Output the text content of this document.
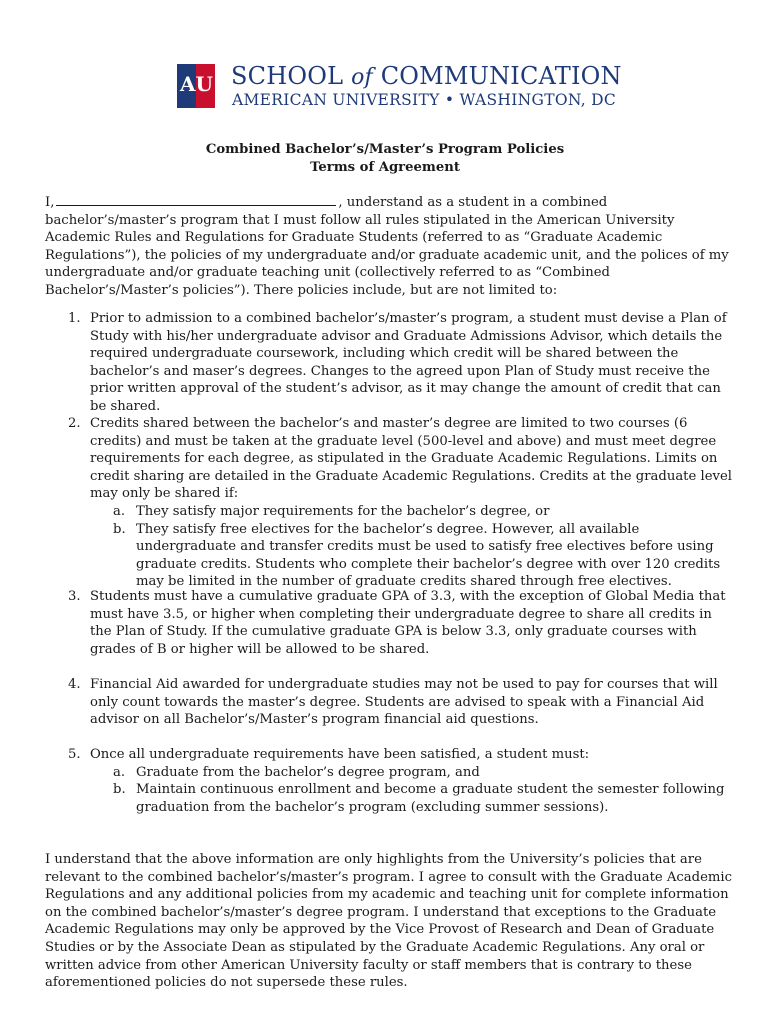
AU SCHOOL of COMMUNICATION
AMERICAN UNIVERSITY • WASHINGTON, DC
Combined Bachelor’s/Master’s Program Policies
Terms of Agreement
I,	, understand as a student in a combined bachelor’s/master’s program that I must follow all rules stipulated in the American University Academic Rules and Regulations for Graduate Students (referred to as “Graduate Academic Regulations”), the policies of my undergraduate and/or graduate academic unit, and the polices of my undergraduate and/or graduate teaching unit (collectively referred to as “Combined Bachelor’s/Master’s policies”). There policies include, but are not limited to:
1. Prior to admission to a combined bachelor’s/master’s program, a student must devise a Plan of Study with his/her undergraduate advisor and Graduate Admissions Advisor, which details the required undergraduate coursework, including which credit will be shared between the bachelor’s and maser’s degrees. Changes to the agreed upon Plan of Study must receive the prior written approval of the student’s advisor, as it may change the amount of credit that can be shared.
2. Credits shared between the bachelor’s and master’s degree are limited to two courses (6 credits) and must be taken at the graduate level (500-level and above) and must meet degree requirements for each degree, as stipulated in the Graduate Academic Regulations. Limits on credit sharing are detailed in the Graduate Academic Regulations. Credits at the graduate level may only be shared if:
a. They satisfy major requirements for the bachelor’s degree, or
b. They satisfy free electives for the bachelor’s degree. However, all available undergraduate and transfer credits must be used to satisfy free electives before using graduate credits. Students who complete their bachelor’s degree with over 120 credits may be limited in the number of graduate credits shared through free electives.
3. Students must have a cumulative graduate GPA of 3.3, with the exception of Global Media that must have 3.5, or higher when completing their undergraduate degree to share all credits in the Plan of Study. If the cumulative graduate GPA is below 3.3, only graduate courses with grades of B or higher will be allowed to be shared.
4. Financial Aid awarded for undergraduate studies may not be used to pay for courses that will only count towards the master’s degree. Students are advised to speak with a Financial Aid advisor on all Bachelor’s/Master’s program financial aid questions.
5. Once all undergraduate requirements have been satisfied, a student must:
a. Graduate from the bachelor’s degree program, and
b. Maintain continuous enrollment and become a graduate student the semester following graduation from the bachelor’s program (excluding summer sessions).
I understand that the above information are only highlights from the University’s policies that are relevant to the combined bachelor’s/master’s program. I agree to consult with the Graduate Academic Regulations and any additional policies from my academic and teaching unit for complete information on the combined bachelor’s/master’s degree program. I understand that exceptions to the Graduate Academic Regulations may only be approved by the Vice Provost of Research and Dean of Graduate Studies or by the Associate Dean as stipulated by the Graduate Academic Regulations. Any oral or written advice from other American University faculty or staff members that is contrary to these aforementioned policies do not supersede these rules.
